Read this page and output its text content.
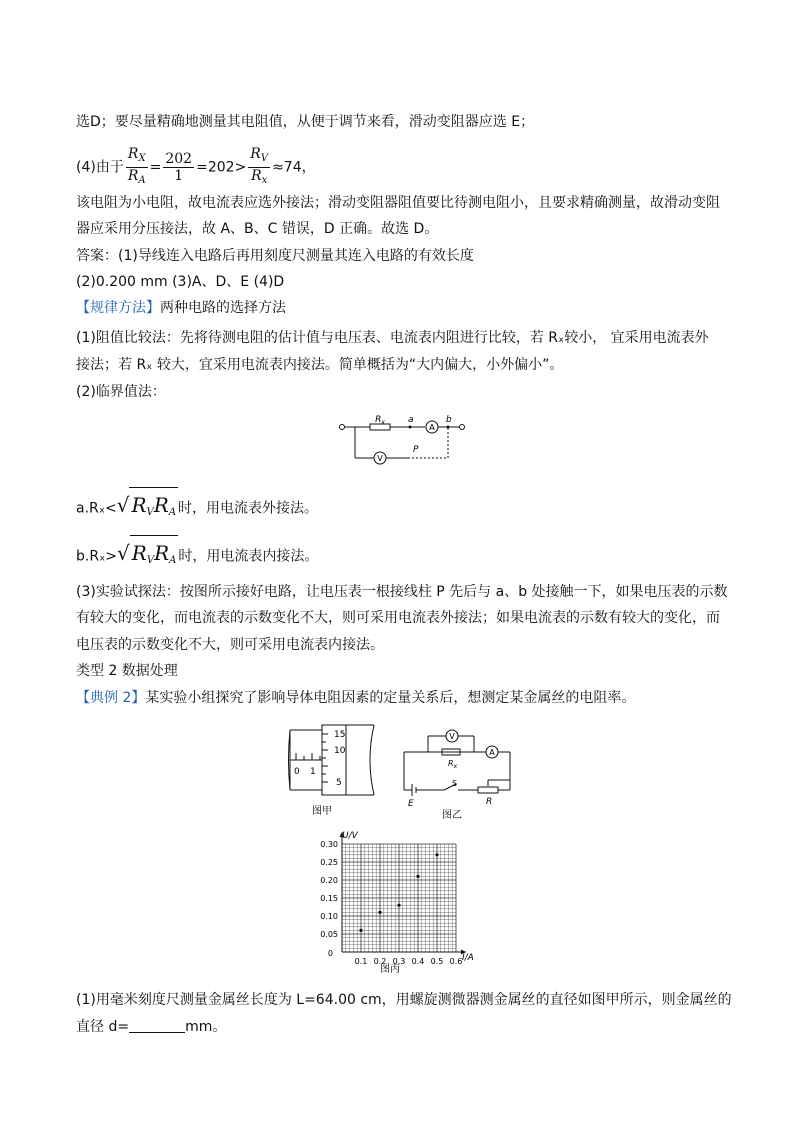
选D；要尽量精确地测量其电阻值，从便于调节来看，滑动变阻器应选 E；
(4)由于 $\frac{R_X}{R_A} = \frac{202}{1} =202> \frac{R_V}{R_x} \approx 74$，
该电阻为小电阻，故电流表应选外接法；滑动变阻器阻值要比待测电阻小，且要求精确测量，故滑动变阻
器应采用分压接法，故 A、B、C 错误，D 正确。故选 D。
答案：(1)导线连入电路后再用刻度尺测量其连入电路的有效长度
(2)0.200 mm (3)A、D、E (4)D
【规律方法】两种电路的选择方法
(1)阻值比较法：先将待测电阻的估计值与电压表、电流表内阻进行比较，若 Rₓ较小， 宜采用电流表外
接法；若 Rₓ 较大，宜采用电流表内接法。简单概括为“大内偏大，小外偏小”。
(2)临界值法：
$R_x$	a	b
P
A
V
a.Rₓ<√ $R_VR_A$ 时，用电流表外接法。
b.Rₓ>√ $R_VR_A$ 时，用电流表内接法。
(3)实验试探法：按图所示接好电路，让电压表一根接线柱 P 先后与 a、b 处接触一下，如果电压表的示数
有较大的变化，而电流表的示数变化不大，则可采用电流表外接法；如果电流表的示数有较大的变化，而
电压表的示数变化不大，则可采用电流表内接法。
类型 2 数据处理
【典例 2】某实验小组探究了影响导体电阻因素的定量关系后，想测定某金属丝的电阻率。
15
10
5
0 1
图甲
V
A
$R_x$
S
E	R
图乙
0.1 0.2 0.3 0.4 0.5 0.6
0.30
0.25
0.20
0.15
0.10
0.05
U/V
I/A
0
图丙
(1)用毫米刻度尺测量金属丝长度为 L=64.00 cm，用螺旋测微器测金属丝的直径如图甲所示，则金属丝的
直径 d=	mm。
